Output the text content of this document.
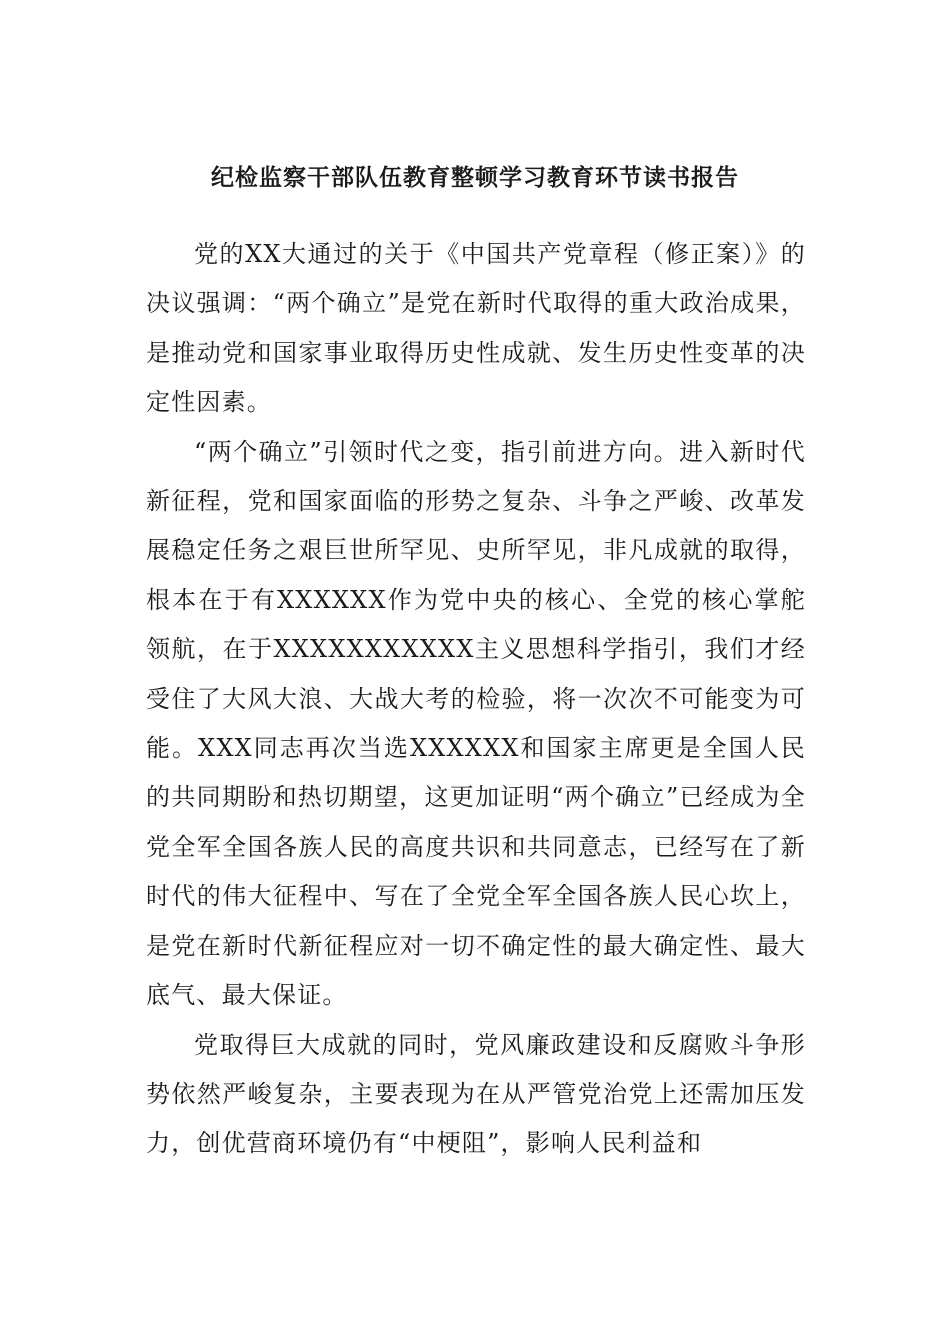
纪检监察干部队伍教育整顿学习教育环节读书报告

党的XX大通过的关于《中国共产党章程（修正案）》的决议强调：“两个确立”是党在新时代取得的重大政治成果，是推动党和国家事业取得历史性成就、发生历史性变革的决定性因素。

“两个确立”引领时代之变，指引前进方向。进入新时代新征程，党和国家面临的形势之复杂、斗争之严峻、改革发展稳定任务之艰巨世所罕见、史所罕见，非凡成就的取得，根本在于有XXXXXX作为党中央的核心、全党的核心掌舵领航，在于XXXXXXXXXXX主义思想科学指引，我们才经受住了大风大浪、大战大考的检验，将一次次不可能变为可能。XXX同志再次当选XXXXXX和国家主席更是全国人民的共同期盼和热切期望，这更加证明“两个确立”已经成为全党全军全国各族人民的高度共识和共同意志，已经写在了新时代的伟大征程中、写在了全党全军全国各族人民心坎上，是党在新时代新征程应对一切不确定性的最大确定性、最大底气、最大保证。

党取得巨大成就的同时，党风廉政建设和反腐败斗争形势依然严峻复杂，主要表现为在从严管党治党上还需加压发力，创优营商环境仍有“中梗阻”，影响人民利益和
